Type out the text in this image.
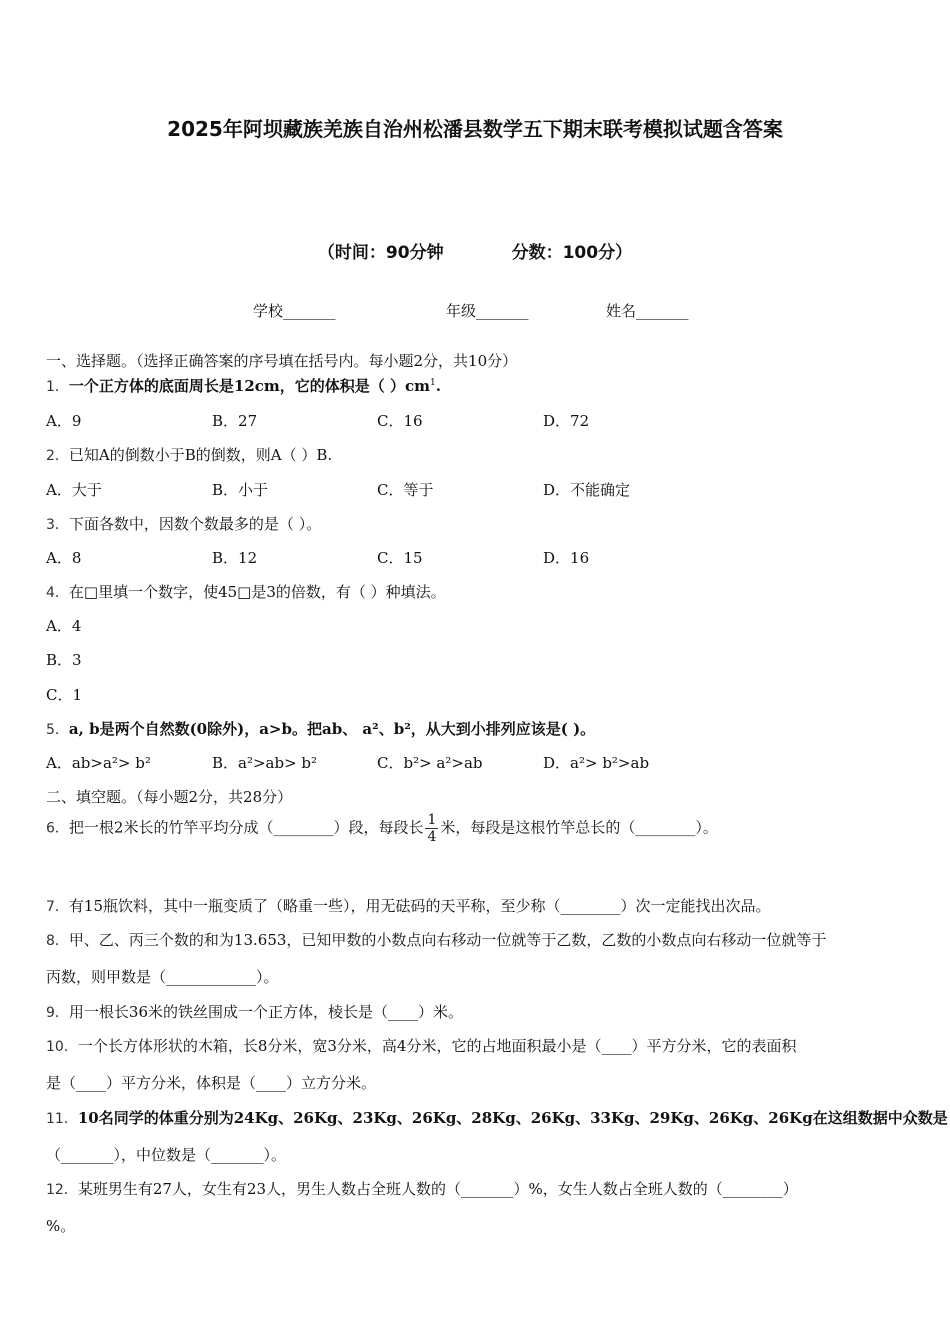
2025年阿坝藏族羌族自治州松潘县数学五下期末联考模拟试题含答案
（时间：90分钟	分数：100分）
学校_______	年级_______	姓名_______
一、选择题。（选择正确答案的序号填在括号内。每小题2分，共10分）
1．一个正方体的底面周长是12cm，它的体积是（ ）$cm^1$.
A．9	B．27	C．16	D．72
2．已知A的倒数小于B的倒数，则A（ ）B.
A．大于	B．小于	C．等于	D．不能确定
3．下面各数中，因数个数最多的是（ ）。
A．8	B．12	C．15	D．16
4．在□里填一个数字，使45□是3的倍数，有（ ）种填法。
A．4
B．3
C．1
5．a, b是两个自然数(0除外)，a>b。把ab、 a²、b²，从大到小排列应该是( )。
A．ab>a²> b²	B．a²>ab> b²	C．b²> a²>ab	D．a²> b²>ab
二、填空题。（每小题2分，共28分）
6．把一根2米长的竹竿平均分成（________）段，每段长 $\frac{1}{4}$ 米，每段是这根竹竿总长的（________）。
7．有15瓶饮料，其中一瓶变质了（略重一些），用无砝码的天平称，至少称（________）次一定能找出次品。
8．甲、乙、丙三个数的和为13.653，已知甲数的小数点向右移动一位就等于乙数，乙数的小数点向右移动一位就等于
丙数，则甲数是（____________）。
9．用一根长36米的铁丝围成一个正方体，棱长是（____）米。
10．一个长方体形状的木箱，长8分米，宽3分米，高4分米，它的占地面积最小是（____）平方分米，它的表面积
是（____）平方分米，体积是（____）立方分米。
11．10名同学的体重分别为24Kg、26Kg、23Kg、26Kg、28Kg、26Kg、33Kg、29Kg、26Kg、26Kg在这组数据中众数是
（_______），中位数是（_______）。
12．某班男生有27人，女生有23人，男生人数占全班人数的（_______）%，女生人数占全班人数的（________）
%。
